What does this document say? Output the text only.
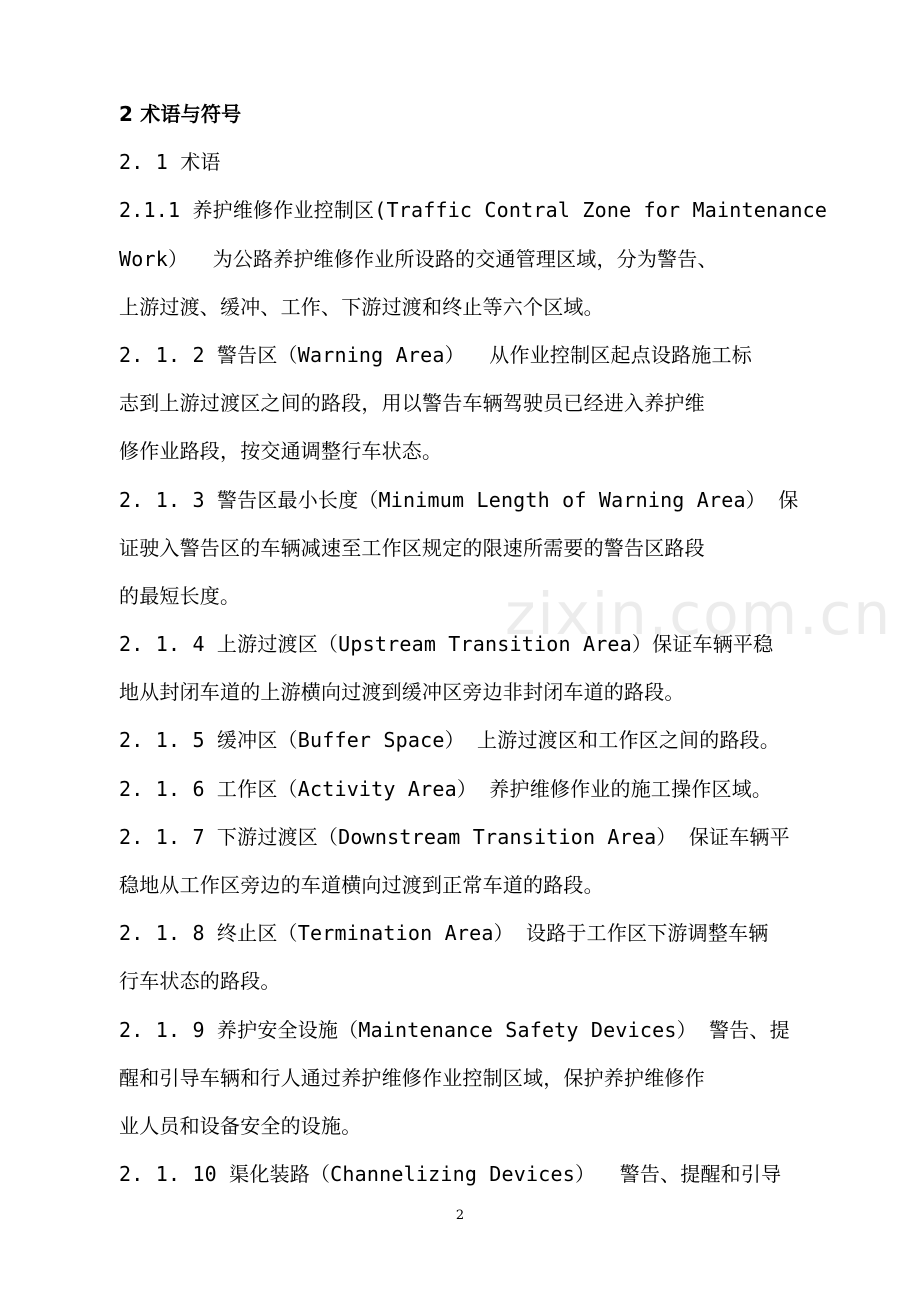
zixin.com.cn
2 术语与符号
2. 1 术语
2.1.1 养护维修作业控制区(Traffic Contral Zone for Maintenance
Work）  为公路养护维修作业所设路的交通管理区域，分为警告、
上游过渡、缓冲、工作、下游过渡和终止等六个区域。
2. 1. 2 警告区（Warning Area）  从作业控制区起点设路施工标
志到上游过渡区之间的路段，用以警告车辆驾驶员已经进入养护维
修作业路段，按交通调整行车状态。
2. 1. 3 警告区最小长度（Minimum Length of Warning Area） 保
证驶入警告区的车辆减速至工作区规定的限速所需要的警告区路段
的最短长度。
2. 1. 4 上游过渡区（Upstream Transition Area）保证车辆平稳
地从封闭车道的上游横向过渡到缓冲区旁边非封闭车道的路段。
2. 1. 5 缓冲区（Buffer Space） 上游过渡区和工作区之间的路段。
2. 1. 6 工作区（Activity Area） 养护维修作业的施工操作区域。
2. 1. 7 下游过渡区（Downstream Transition Area） 保证车辆平
稳地从工作区旁边的车道横向过渡到正常车道的路段。
2. 1. 8 终止区（Termination Area） 设路于工作区下游调整车辆
行车状态的路段。
2. 1. 9 养护安全设施（Maintenance Safety Devices） 警告、提
醒和引导车辆和行人通过养护维修作业控制区域，保护养护维修作
业人员和设备安全的设施。
2. 1. 10 渠化装路（Channelizing Devices）  警告、提醒和引导
2
